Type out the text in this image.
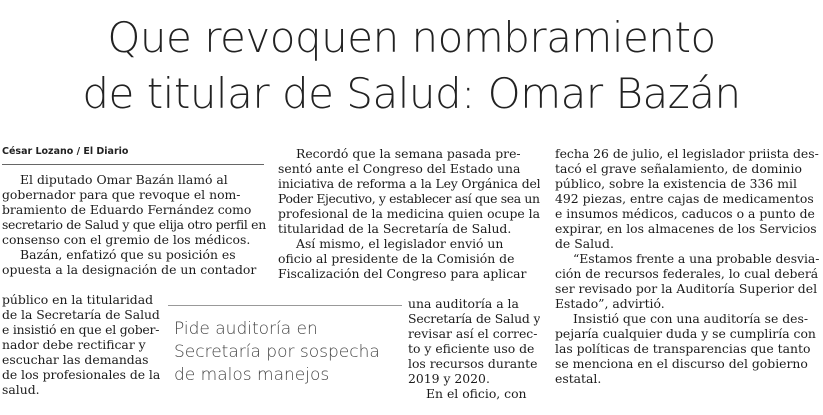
Que revoquen nombramiento
de titular de Salud: Omar Bazán
César Lozano / El Diario
El diputado Omar Bazán llamó al
gobernador para que revoque el nom-
bramiento de Eduardo Fernández como
secretario de Salud y que elija otro perfil en
consenso con el gremio de los médicos.
Bazán, enfatizó que su posición es
opuesta a la designación de un contador
público en la titularidad
de la Secretaría de Salud
e insistió en que el gober-
nador debe rectificar y
escuchar las demandas
de los profesionales de la
salud.
Pide auditoría en Secretaría por sospecha de malos manejos
Recordó que la semana pasada pre-
sentó ante el Congreso del Estado una
iniciativa de reforma a la Ley Orgánica del
Poder Ejecutivo, y establecer así que sea un
profesional de la medicina quien ocupe la
titularidad de la Secretaría de Salud.
Así mismo, el legislador envió un
oficio al presidente de la Comisión de
Fiscalización del Congreso para aplicar
una auditoría a la
Secretaría de Salud y
revisar así el correc-
to y eficiente uso de
los recursos durante
2019 y 2020.
En el oficio, con
fecha 26 de julio, el legislador priista des-
tacó el grave señalamiento, de dominio
público, sobre la existencia de 336 mil
492 piezas, entre cajas de medicamentos
e insumos médicos, caducos o a punto de
expirar, en los almacenes de los Servicios
de Salud.
“Estamos frente a una probable desvia-
ción de recursos federales, lo cual deberá
ser revisado por la Auditoría Superior del
Estado”, advirtió.
Insistió que con una auditoría se des-
pejaría cualquier duda y se cumpliría con
las políticas de transparencias que tanto
se menciona en el discurso del gobierno
estatal.
